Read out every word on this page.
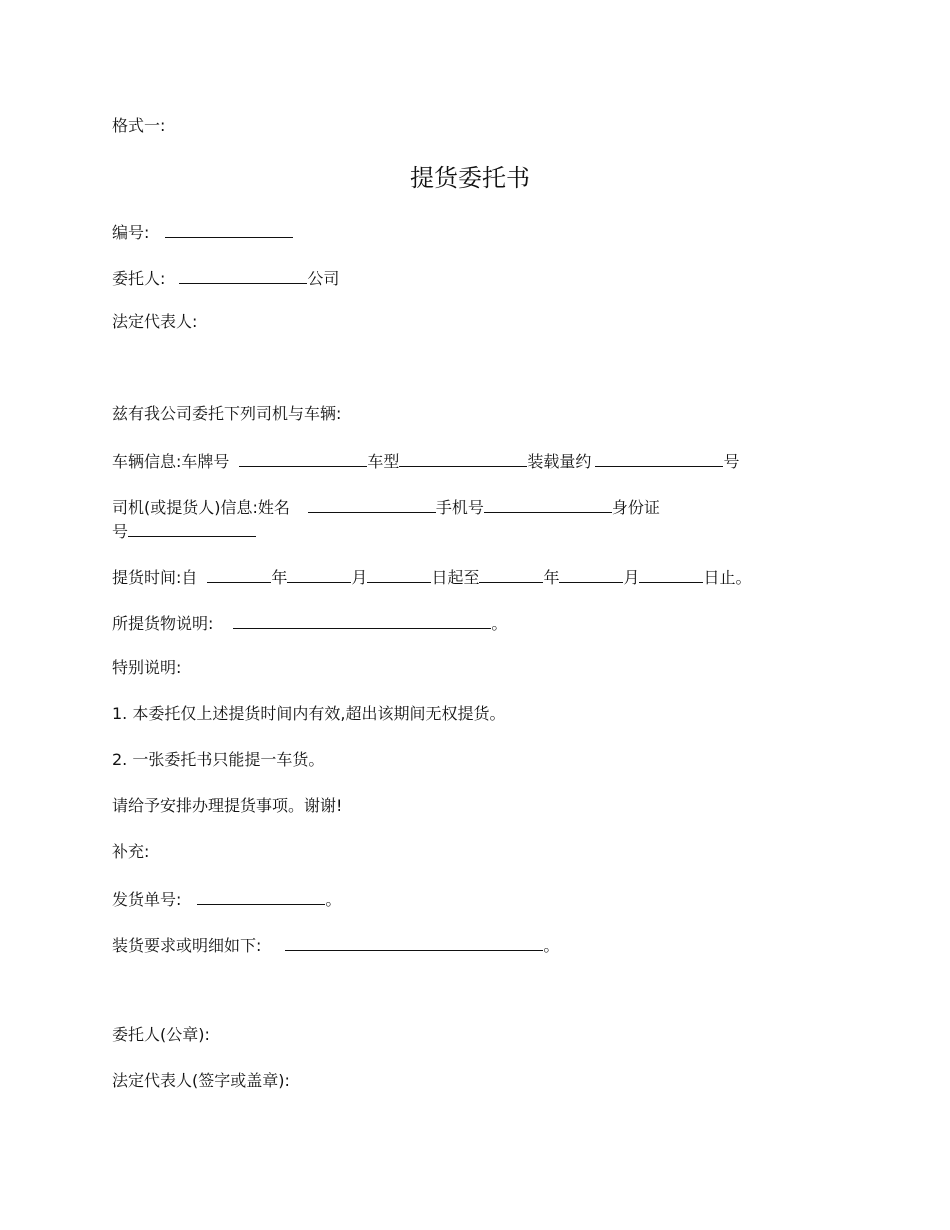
格式一:
提货委托书
编号:
委托人:	公司
法定代表人:
兹有我公司委托下列司机与车辆:
车辆信息:车牌号	车型	装载量约	号
司机(或提货人)信息:姓名	手机号	身份证
号
提货时间:自	年	月	日起至	年	月	日止。
所提货物说明:	。
特别说明:
1. 本委托仅上述提货时间内有效,超出该期间无权提货。
2. 一张委托书只能提一车货。
请给予安排办理提货事项。谢谢!
补充:
发货单号:	。
装货要求或明细如下:	。
委托人(公章):
法定代表人(签字或盖章):
